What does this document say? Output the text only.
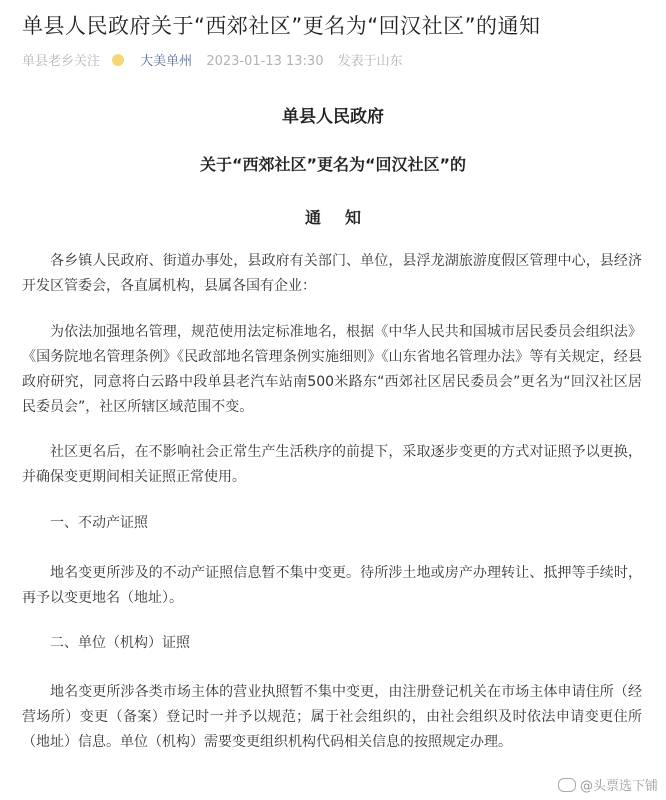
单县人民政府关于“西郊社区”更名为“回汉社区”的通知
单县老乡关注	大美单州 2023-01-13 13:30 发表于山东
单县人民政府
关于“西郊社区”更名为“回汉社区”的
通知
各乡镇人民政府、街道办事处，县政府有关部门、单位，县浮龙湖旅游度假区管理中心，县经济开发区管委会，各直属机构，县属各国有企业：
为依法加强地名管理，规范使用法定标准地名，根据《中华人民共和国城市居民委员会组织法》《国务院地名管理条例》《民政部地名管理条例实施细则》《山东省地名管理办法》等有关规定，经县政府研究，同意将白云路中段单县老汽车站南500米路东“西郊社区居民委员会”更名为“回汉社区居民委员会”，社区所辖区域范围不变。
社区更名后，在不影响社会正常生产生活秩序的前提下，采取逐步变更的方式对证照予以更换，并确保变更期间相关证照正常使用。
一、不动产证照
地名变更所涉及的不动产证照信息暂不集中变更。待所涉土地或房产办理转让、抵押等手续时，再予以变更地名（地址）。
二、单位（机构）证照
地名变更所涉各类市场主体的营业执照暂不集中变更，由注册登记机关在市场主体申请住所（经营场所）变更（备案）登记时一并予以规范；属于社会组织的，由社会组织及时依法申请变更住所（地址）信息。单位（机构）需要变更组织机构代码相关信息的按照规定办理。
@头票选下铺
